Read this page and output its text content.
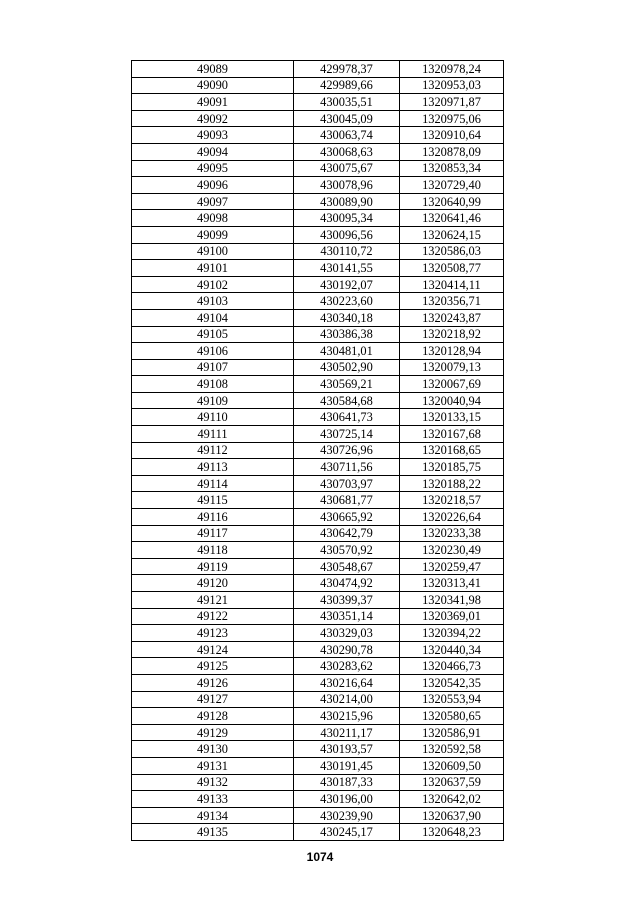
49089	429978,37	1320978,24
49090	429989,66	1320953,03
49091	430035,51	1320971,87
49092	430045,09	1320975,06
49093	430063,74	1320910,64
49094	430068,63	1320878,09
49095	430075,67	1320853,34
49096	430078,96	1320729,40
49097	430089,90	1320640,99
49098	430095,34	1320641,46
49099	430096,56	1320624,15
49100	430110,72	1320586,03
49101	430141,55	1320508,77
49102	430192,07	1320414,11
49103	430223,60	1320356,71
49104	430340,18	1320243,87
49105	430386,38	1320218,92
49106	430481,01	1320128,94
49107	430502,90	1320079,13
49108	430569,21	1320067,69
49109	430584,68	1320040,94
49110	430641,73	1320133,15
49111	430725,14	1320167,68
49112	430726,96	1320168,65
49113	430711,56	1320185,75
49114	430703,97	1320188,22
49115	430681,77	1320218,57
49116	430665,92	1320226,64
49117	430642,79	1320233,38
49118	430570,92	1320230,49
49119	430548,67	1320259,47
49120	430474,92	1320313,41
49121	430399,37	1320341,98
49122	430351,14	1320369,01
49123	430329,03	1320394,22
49124	430290,78	1320440,34
49125	430283,62	1320466,73
49126	430216,64	1320542,35
49127	430214,00	1320553,94
49128	430215,96	1320580,65
49129	430211,17	1320586,91
49130	430193,57	1320592,58
49131	430191,45	1320609,50
49132	430187,33	1320637,59
49133	430196,00	1320642,02
49134	430239,90	1320637,90
49135	430245,17	1320648,23
1074
